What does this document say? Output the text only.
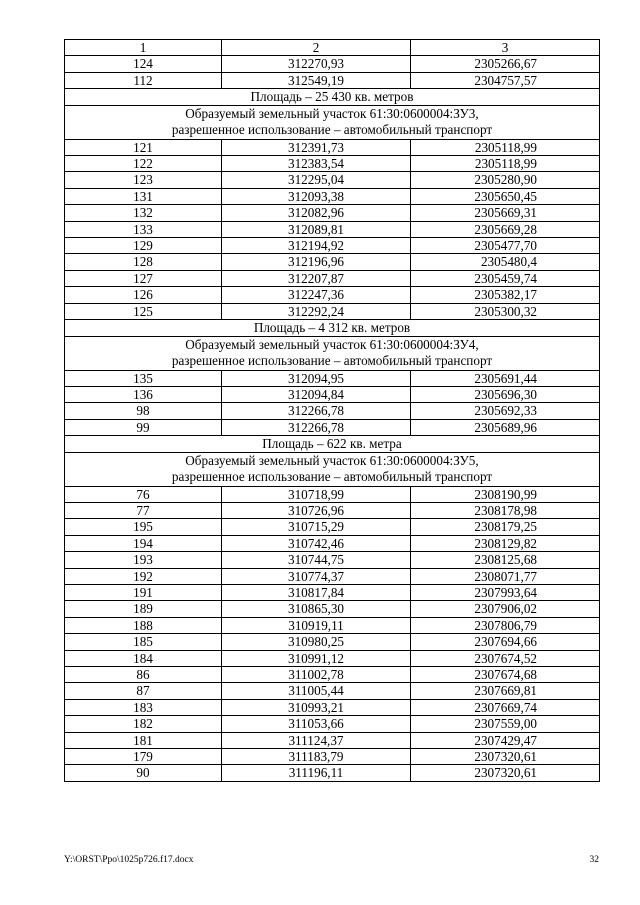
1	2	3
124	312270,93	2305266,67
112	312549,19	2304757,57
Площадь – 25 430 кв. метров		

Образуемый земельный участок 61:30:0600004:ЗУ3,
разрешенное использование – автомобильный транспорт		

121	312391,73	2305118,99
122	312383,54	2305118,99
123	312295,04	2305280,90
131	312093,38	2305650,45
132	312082,96	2305669,31
133	312089,81	2305669,28
129	312194,92	2305477,70
128	312196,96	2305480,4
127	312207,87	2305459,74
126	312247,36	2305382,17
125	312292,24	2305300,32
Площадь – 4 312 кв. метров		

Образуемый земельный участок 61:30:0600004:ЗУ4,
разрешенное использование – автомобильный транспорт		

135	312094,95	2305691,44
136	312094,84	2305696,30
98	312266,78	2305692,33
99	312266,78	2305689,96
Площадь – 622 кв. метра		

Образуемый земельный участок 61:30:0600004:ЗУ5,
разрешенное использование – автомобильный транспорт		

76	310718,99	2308190,99
77	310726,96	2308178,98
195	310715,29	2308179,25
194	310742,46	2308129,82
193	310744,75	2308125,68
192	310774,37	2308071,77
191	310817,84	2307993,64
189	310865,30	2307906,02
188	310919,11	2307806,79
185	310980,25	2307694,66
184	310991,12	2307674,52
86	311002,78	2307674,68
87	311005,44	2307669,81
183	310993,21	2307669,74
182	311053,66	2307559,00
181	311124,37	2307429,47
179	311183,79	2307320,61
90	311196,11	2307320,61
Y:\ORST\Ppo\1025p726.f17.docx	32
